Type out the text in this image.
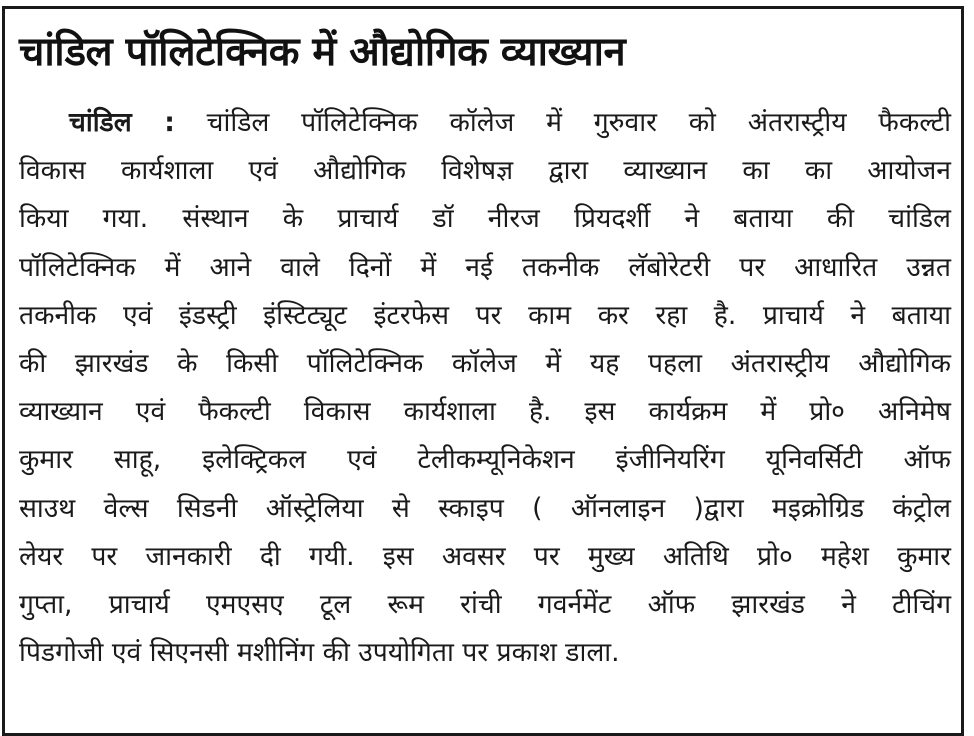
चांडिल पॉलिटेक्निक में औद्योगिक व्याख्यान
चांडिल : चांडिल पॉलिटेक्निक कॉलेज में गुरुवार को अंतरास्ट्रीय फैकल्टी
विकास कार्यशाला एवं औद्योगिक विशेषज्ञ द्वारा व्याख्यान का का आयोजन
किया गया. संस्थान के प्राचार्य डॉ नीरज प्रियदर्शी ने बताया की चांडिल
पॉलिटेक्निक में आने वाले दिनों में नई तकनीक लॅबोरेटरी पर आधारित उन्नत
तकनीक एवं इंडस्ट्री इंस्टिट्यूट इंटरफेस पर काम कर रहा है. प्राचार्य ने बताया
की झारखंड के किसी पॉलिटेक्निक कॉलेज में यह पहला अंतरास्ट्रीय औद्योगिक
व्याख्यान एवं फैकल्टी विकास कार्यशाला है. इस कार्यक्रम में प्रो० अनिमेष
कुमार साहू, इलेक्ट्रिकल एवं टेलीकम्यूनिकेशन इंजीनियरिंग यूनिवर्सिटी ऑफ
साउथ वेल्स सिडनी ऑस्ट्रेलिया से स्काइप ( ऑनलाइन )द्वारा मइक्रोग्रिड कंट्रोल
लेयर पर जानकारी दी गयी. इस अवसर पर मुख्य अतिथि प्रो० महेश कुमार
गुप्ता, प्राचार्य एमएसए टूल रूम रांची गवर्नमेंट ऑफ झारखंड ने टीचिंग
पिडगोजी एवं सिएनसी मशीनिंग की उपयोगिता पर प्रकाश डाला.
